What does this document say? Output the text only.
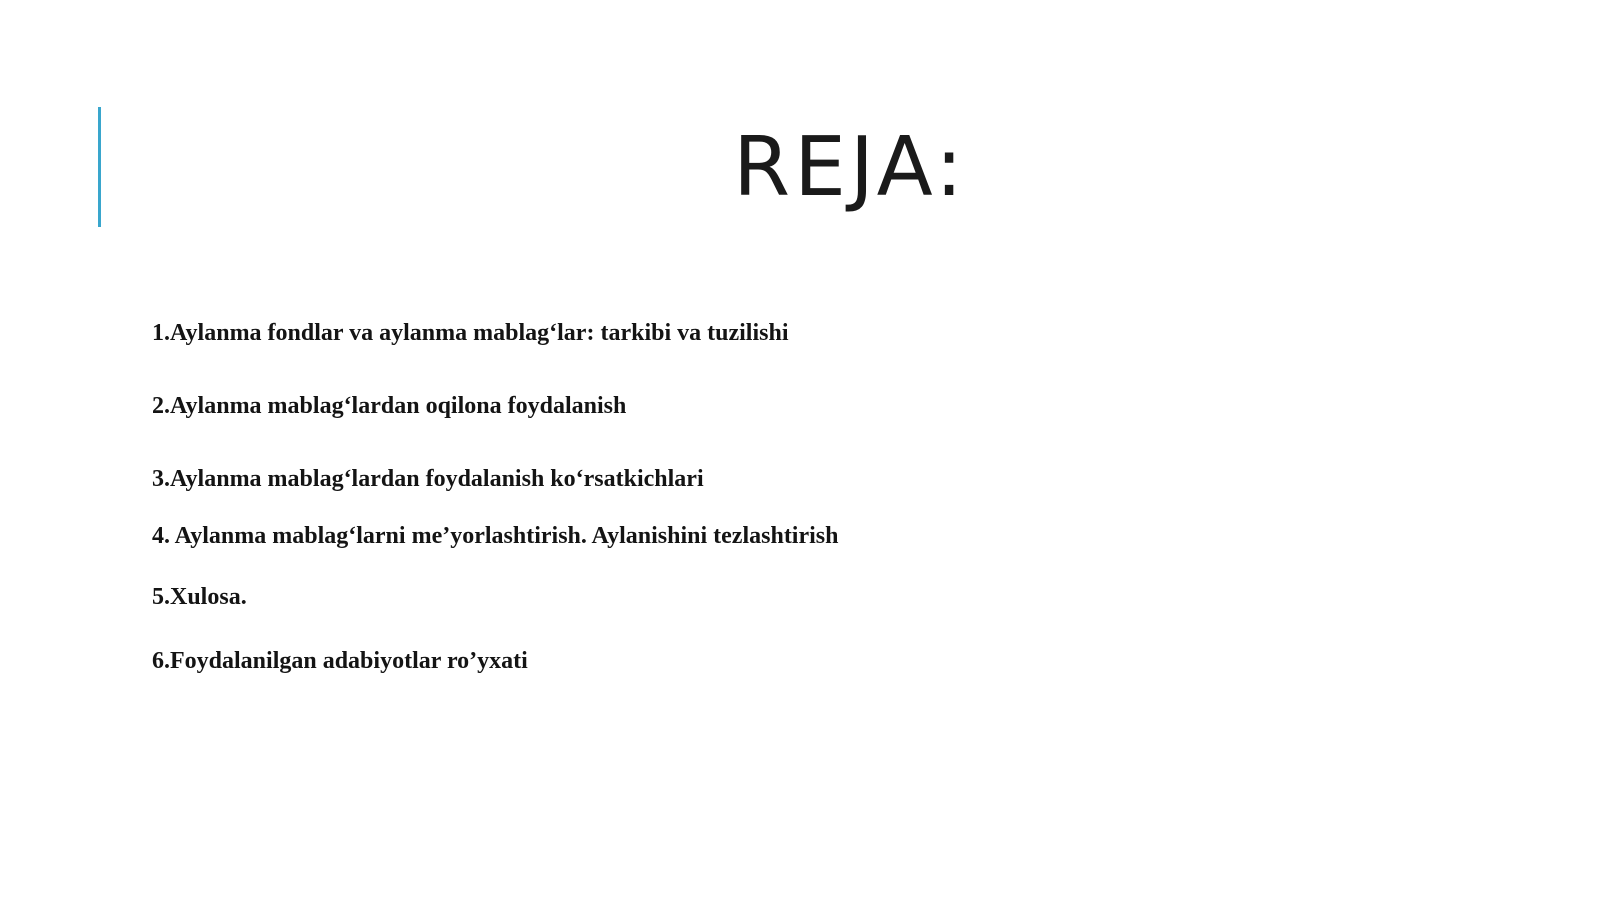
REJA:
1.Aylanma fondlar va aylanma mablag‘lar: tarkibi va tuzilishi
2.Aylanma mablag‘lardan oqilona foydalanish
3.Aylanma mablag‘lardan foydalanish ko‘rsatkichlari
4. Aylanma mablag‘larni me’yorlashtirish. Aylanishini tezlashtirish
5.Xulosa.
6.Foydalanilgan adabiyotlar ro’yxati
